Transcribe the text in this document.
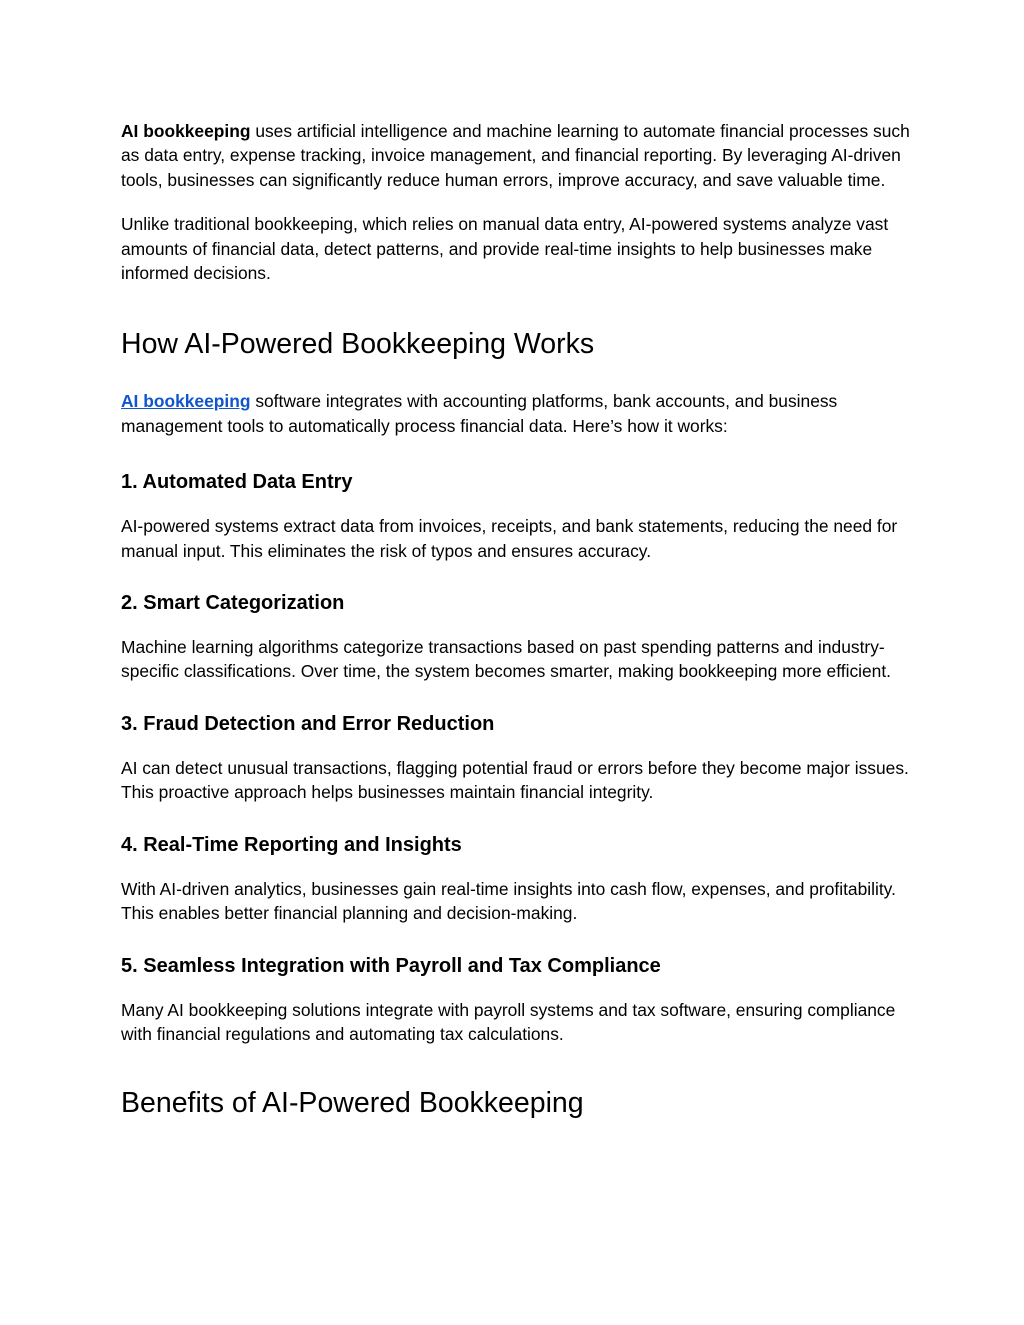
AI bookkeeping uses artificial intelligence and machine learning to automate financial processes such as data entry, expense tracking, invoice management, and financial reporting. By leveraging AI-driven tools, businesses can significantly reduce human errors, improve accuracy, and save valuable time.

Unlike traditional bookkeeping, which relies on manual data entry, AI-powered systems analyze vast amounts of financial data, detect patterns, and provide real-time insights to help businesses make informed decisions.

How AI-Powered Bookkeeping Works

AI bookkeeping software integrates with accounting platforms, bank accounts, and business management tools to automatically process financial data. Here’s how it works:

1. Automated Data Entry

AI-powered systems extract data from invoices, receipts, and bank statements, reducing the need for manual input. This eliminates the risk of typos and ensures accuracy.

2. Smart Categorization

Machine learning algorithms categorize transactions based on past spending patterns and industry-specific classifications. Over time, the system becomes smarter, making bookkeeping more efficient.

3. Fraud Detection and Error Reduction

AI can detect unusual transactions, flagging potential fraud or errors before they become major issues. This proactive approach helps businesses maintain financial integrity.

4. Real-Time Reporting and Insights

With AI-driven analytics, businesses gain real-time insights into cash flow, expenses, and profitability. This enables better financial planning and decision-making.

5. Seamless Integration with Payroll and Tax Compliance

Many AI bookkeeping solutions integrate with payroll systems and tax software, ensuring compliance with financial regulations and automating tax calculations.

Benefits of AI-Powered Bookkeeping
